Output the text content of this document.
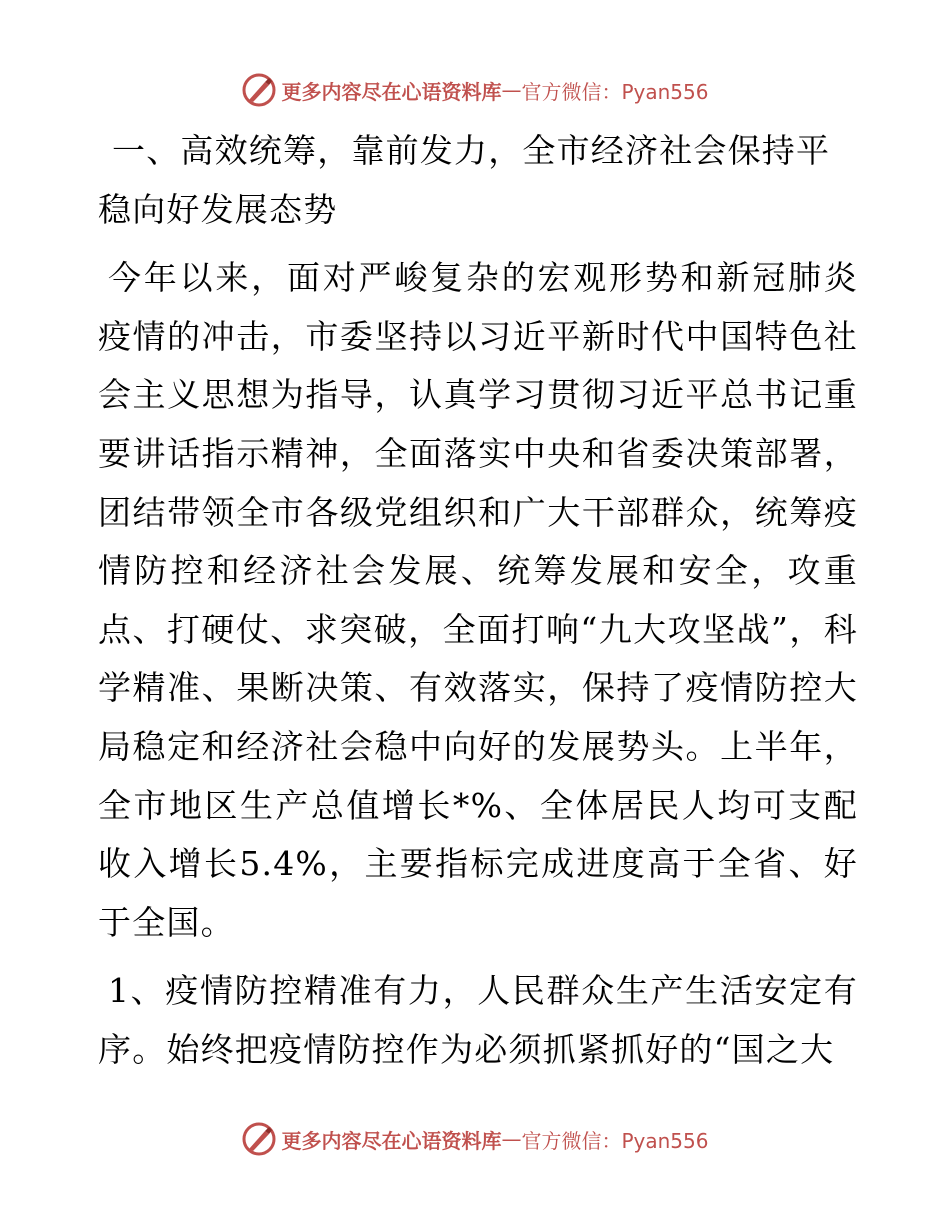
更多内容尽在心语资料库 — 官方微信：Pyan556

一、高效统筹，靠前发力，全市经济社会保持平稳向好发展态势

今年以来，面对严峻复杂的宏观形势和新冠肺炎疫情的冲击，市委坚持以习近平新时代中国特色社会主义思想为指导，认真学习贯彻习近平总书记重要讲话指示精神，全面落实中央和省委决策部署，团结带领全市各级党组织和广大干部群众，统筹疫情防控和经济社会发展、统筹发展和安全，攻重点、打硬仗、求突破，全面打响“九大攻坚战”，科学精准、果断决策、有效落实，保持了疫情防控大局稳定和经济社会稳中向好的发展势头。上半年，全市地区生产总值增长*%、全体居民人均可支配收入增长5.4%，主要指标完成进度高于全省、好于全国。

1、疫情防控精准有力，人民群众生产生活安定有序。始终把疫情防控作为必须抓紧抓好的“国之大

更多内容尽在心语资料库 — 官方微信：Pyan556
